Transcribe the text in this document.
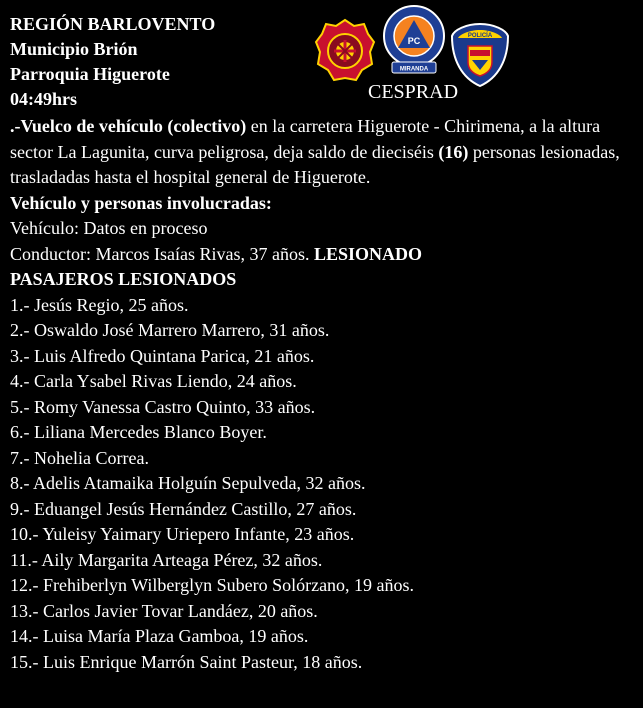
REGIÓN BARLOVENTO
Municipio Brión
Parroquia Higuerote
04:49hrs
PC
MIRANDA
POLICÍA
CESPRAD

.-Vuelco de vehículo (colectivo) en la carretera Higuerote - Chirimena, a la altura sector La Lagunita, curva peligrosa, deja saldo de dieciséis (16) personas lesionadas, trasladadas hasta el hospital general de Higuerote.

Vehículo y personas involucradas:

Vehículo: Datos en proceso

Conductor: Marcos Isaías Rivas, 37 años. LESIONADO

PASAJEROS LESIONADOS

1.- Jesús Regio, 25 años.
2.- Oswaldo José Marrero Marrero, 31 años.
3.- Luis Alfredo Quintana Parica, 21 años.
4.- Carla Ysabel Rivas Liendo, 24 años.
5.- Romy Vanessa Castro Quinto, 33 años.
6.- Liliana Mercedes Blanco Boyer.
7.- Nohelia Correa.
8.- Adelis Atamaika Holguín Sepulveda, 32 años.
9.- Eduangel Jesús Hernández Castillo, 27 años.
10.- Yuleisy Yaimary Uriepero Infante, 23 años.
11.- Aily Margarita Arteaga Pérez, 32 años.
12.- Frehiberlyn Wilberglyn Subero Solórzano, 19 años.
13.- Carlos Javier Tovar Landáez, 20 años.
14.- Luisa María Plaza Gamboa, 19 años.
15.- Luis Enrique Marrón Saint Pasteur, 18 años.
